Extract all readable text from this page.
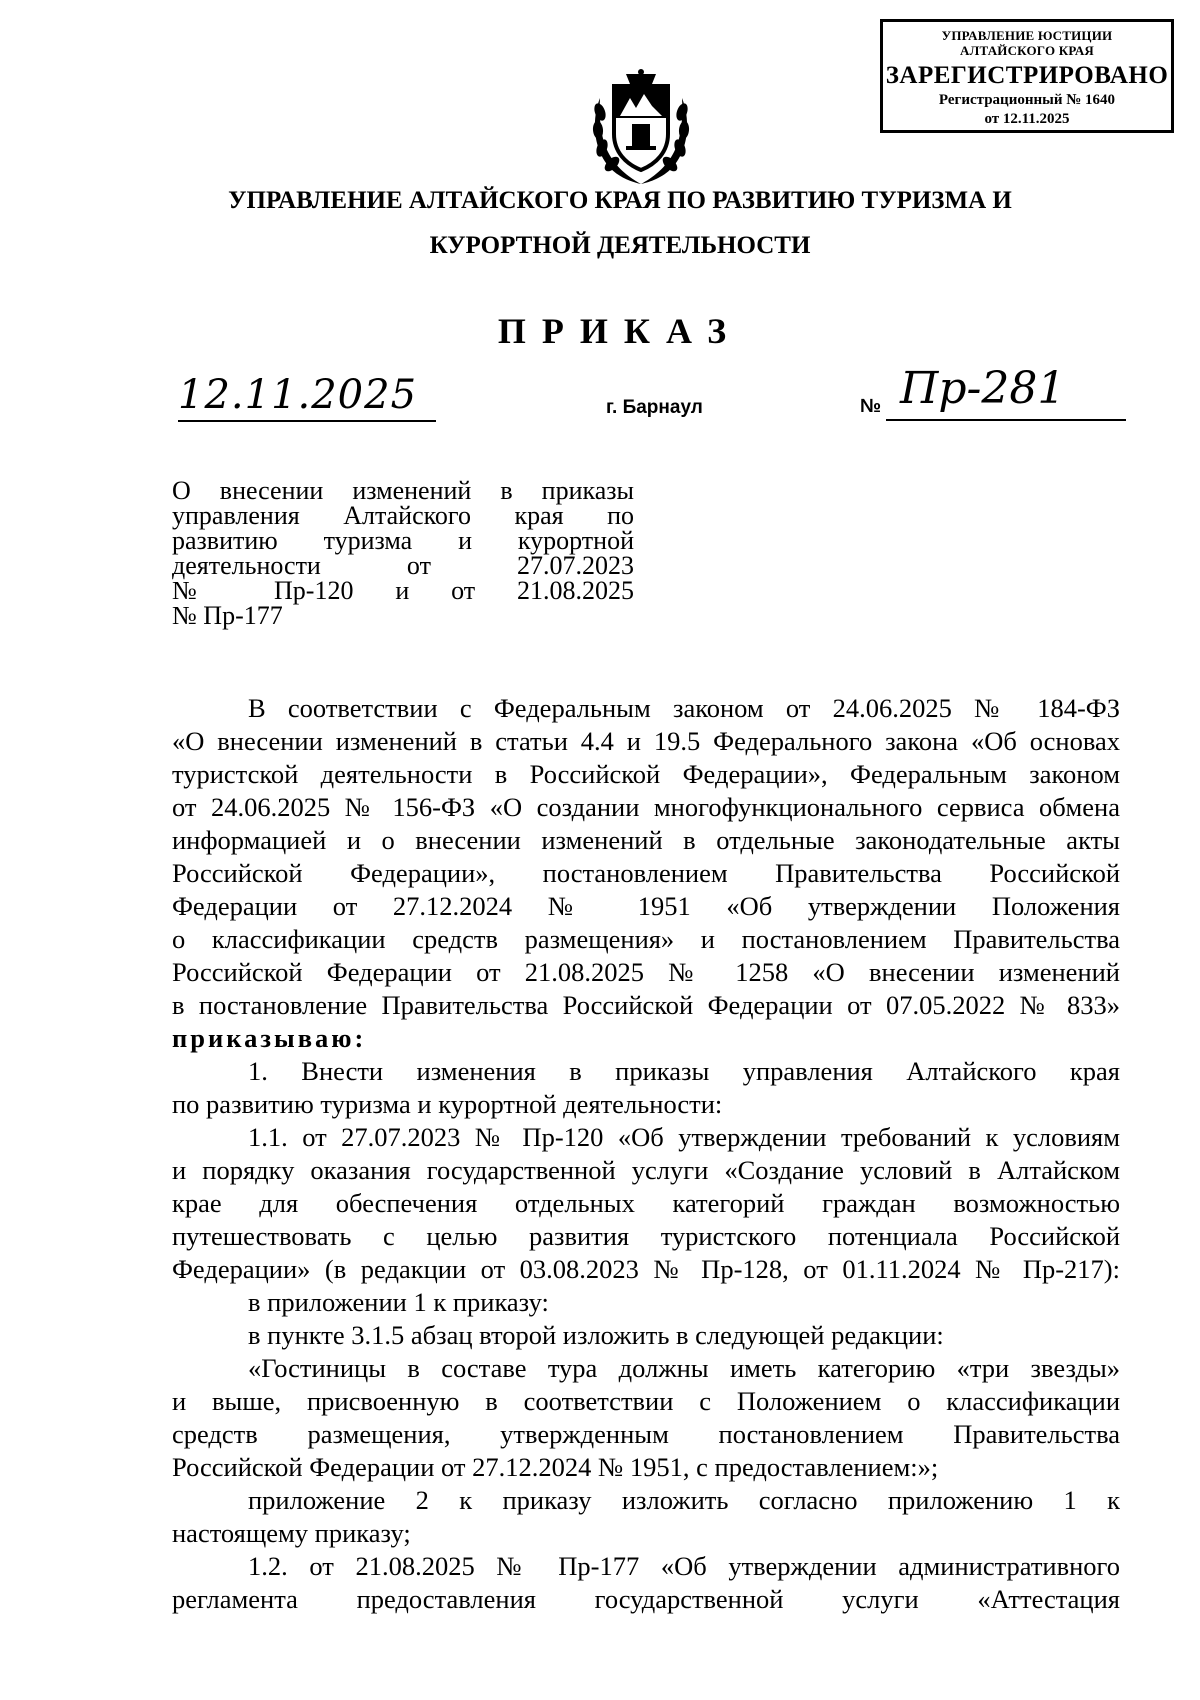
УПРАВЛЕНИЕ ЮСТИЦИИ
АЛТАЙСКОГО КРАЯ
ЗАРЕГИСТРИРОВАНО
Регистрационный № 1640
от 12.11.2025
УПРАВЛЕНИЕ АЛТАЙСКОГО КРАЯ ПО РАЗВИТИЮ ТУРИЗМА И
КУРОРТНОЙ ДЕЯТЕЛЬНОСТИ
ПРИКАЗ
12.11.2025	г. Барнаул	№ Пр-281
О внесении изменений в приказы
управления Алтайского края по
развитию туризма и курортной
деятельности от 27.07.2023
№ Пр-120 и от 21.08.2025
№ Пр-177
В соответствии с Федеральным законом от 24.06.2025 № 184-ФЗ
«О внесении изменений в статьи 4.4 и 19.5 Федерального закона «Об основах
туристской деятельности в Российской Федерации», Федеральным законом
от 24.06.2025 № 156-ФЗ «О создании многофункционального сервиса обмена
информацией и о внесении изменений в отдельные законодательные акты
Российской Федерации», постановлением Правительства Российской
Федерации от 27.12.2024 № 1951 «Об утверждении Положения
о классификации средств размещения» и постановлением Правительства
Российской Федерации от 21.08.2025 № 1258 «О внесении изменений
в постановление Правительства Российской Федерации от 07.05.2022 № 833»
приказываю:
1. Внести изменения в приказы управления Алтайского края
по развитию туризма и курортной деятельности:
1.1. от 27.07.2023 № Пр-120 «Об утверждении требований к условиям
и порядку оказания государственной услуги «Создание условий в Алтайском
крае для обеспечения отдельных категорий граждан возможностью
путешествовать с целью развития туристского потенциала Российской
Федерации» (в редакции от 03.08.2023 № Пр-128, от 01.11.2024 № Пр-217):
в приложении 1 к приказу:
в пункте 3.1.5 абзац второй изложить в следующей редакции:
«Гостиницы в составе тура должны иметь категорию «три звезды»
и выше, присвоенную в соответствии с Положением о классификации
средств размещения, утвержденным постановлением Правительства
Российской Федерации от 27.12.2024 № 1951, с предоставлением:»;
приложение 2 к приказу изложить согласно приложению 1 к
настоящему приказу;
1.2. от 21.08.2025 № Пр-177 «Об утверждении административного
регламента предоставления государственной услуги «Аттестация
